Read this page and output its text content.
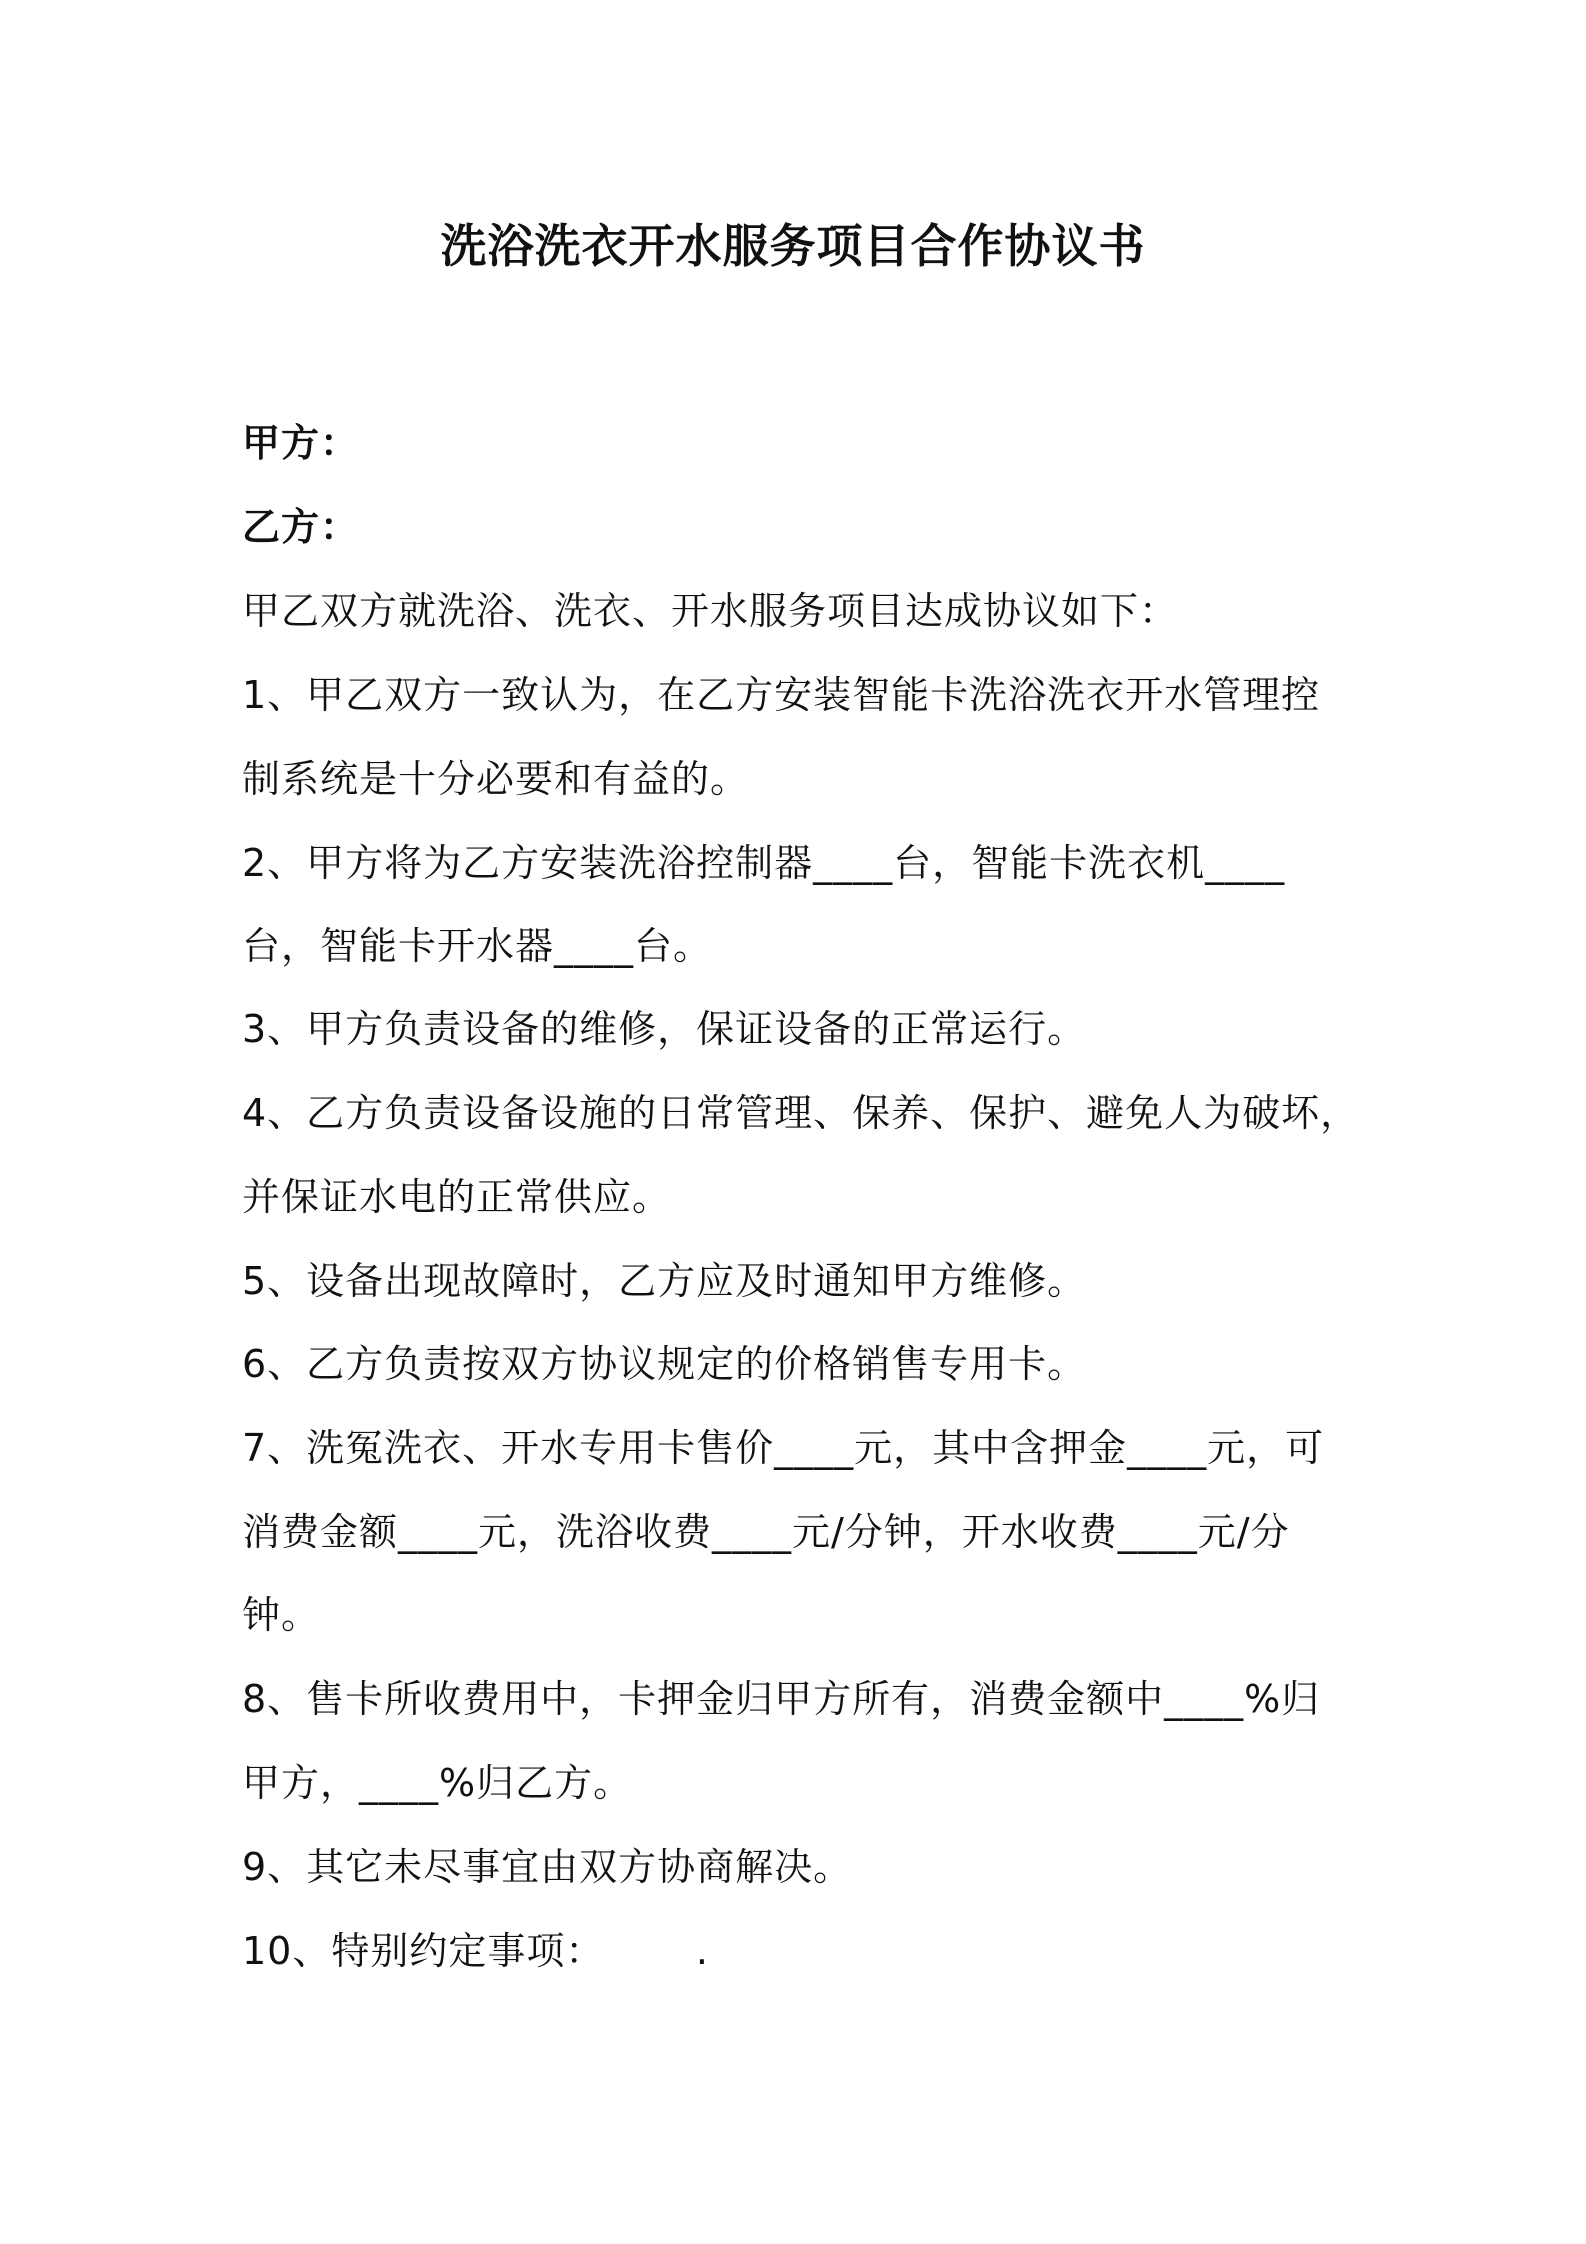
洗浴洗衣开水服务项目合作协议书
甲方：
乙方：
甲乙双方就洗浴、洗衣、开水服务项目达成协议如下：
1、甲乙双方一致认为，在乙方安装智能卡洗浴洗衣开水管理控
制系统是十分必要和有益的。
2、甲方将为乙方安装洗浴控制器____台，智能卡洗衣机____
台，智能卡开水器____台。
3、甲方负责设备的维修，保证设备的正常运行。
4、乙方负责设备设施的日常管理、保养、保护、避免人为破坏，
并保证水电的正常供应。
5、设备出现故障时，乙方应及时通知甲方维修。
6、乙方负责按双方协议规定的价格销售专用卡。
7、洗冤洗衣、开水专用卡售价____元，其中含押金____元，可
消费金额____元，洗浴收费____元/分钟，开水收费____元/分
钟。
8、售卡所收费用中，卡押金归甲方所有，消费金额中____%归
甲方，____%归乙方。
9、其它未尽事宜由双方协商解决。
10、特别约定事项：       .
